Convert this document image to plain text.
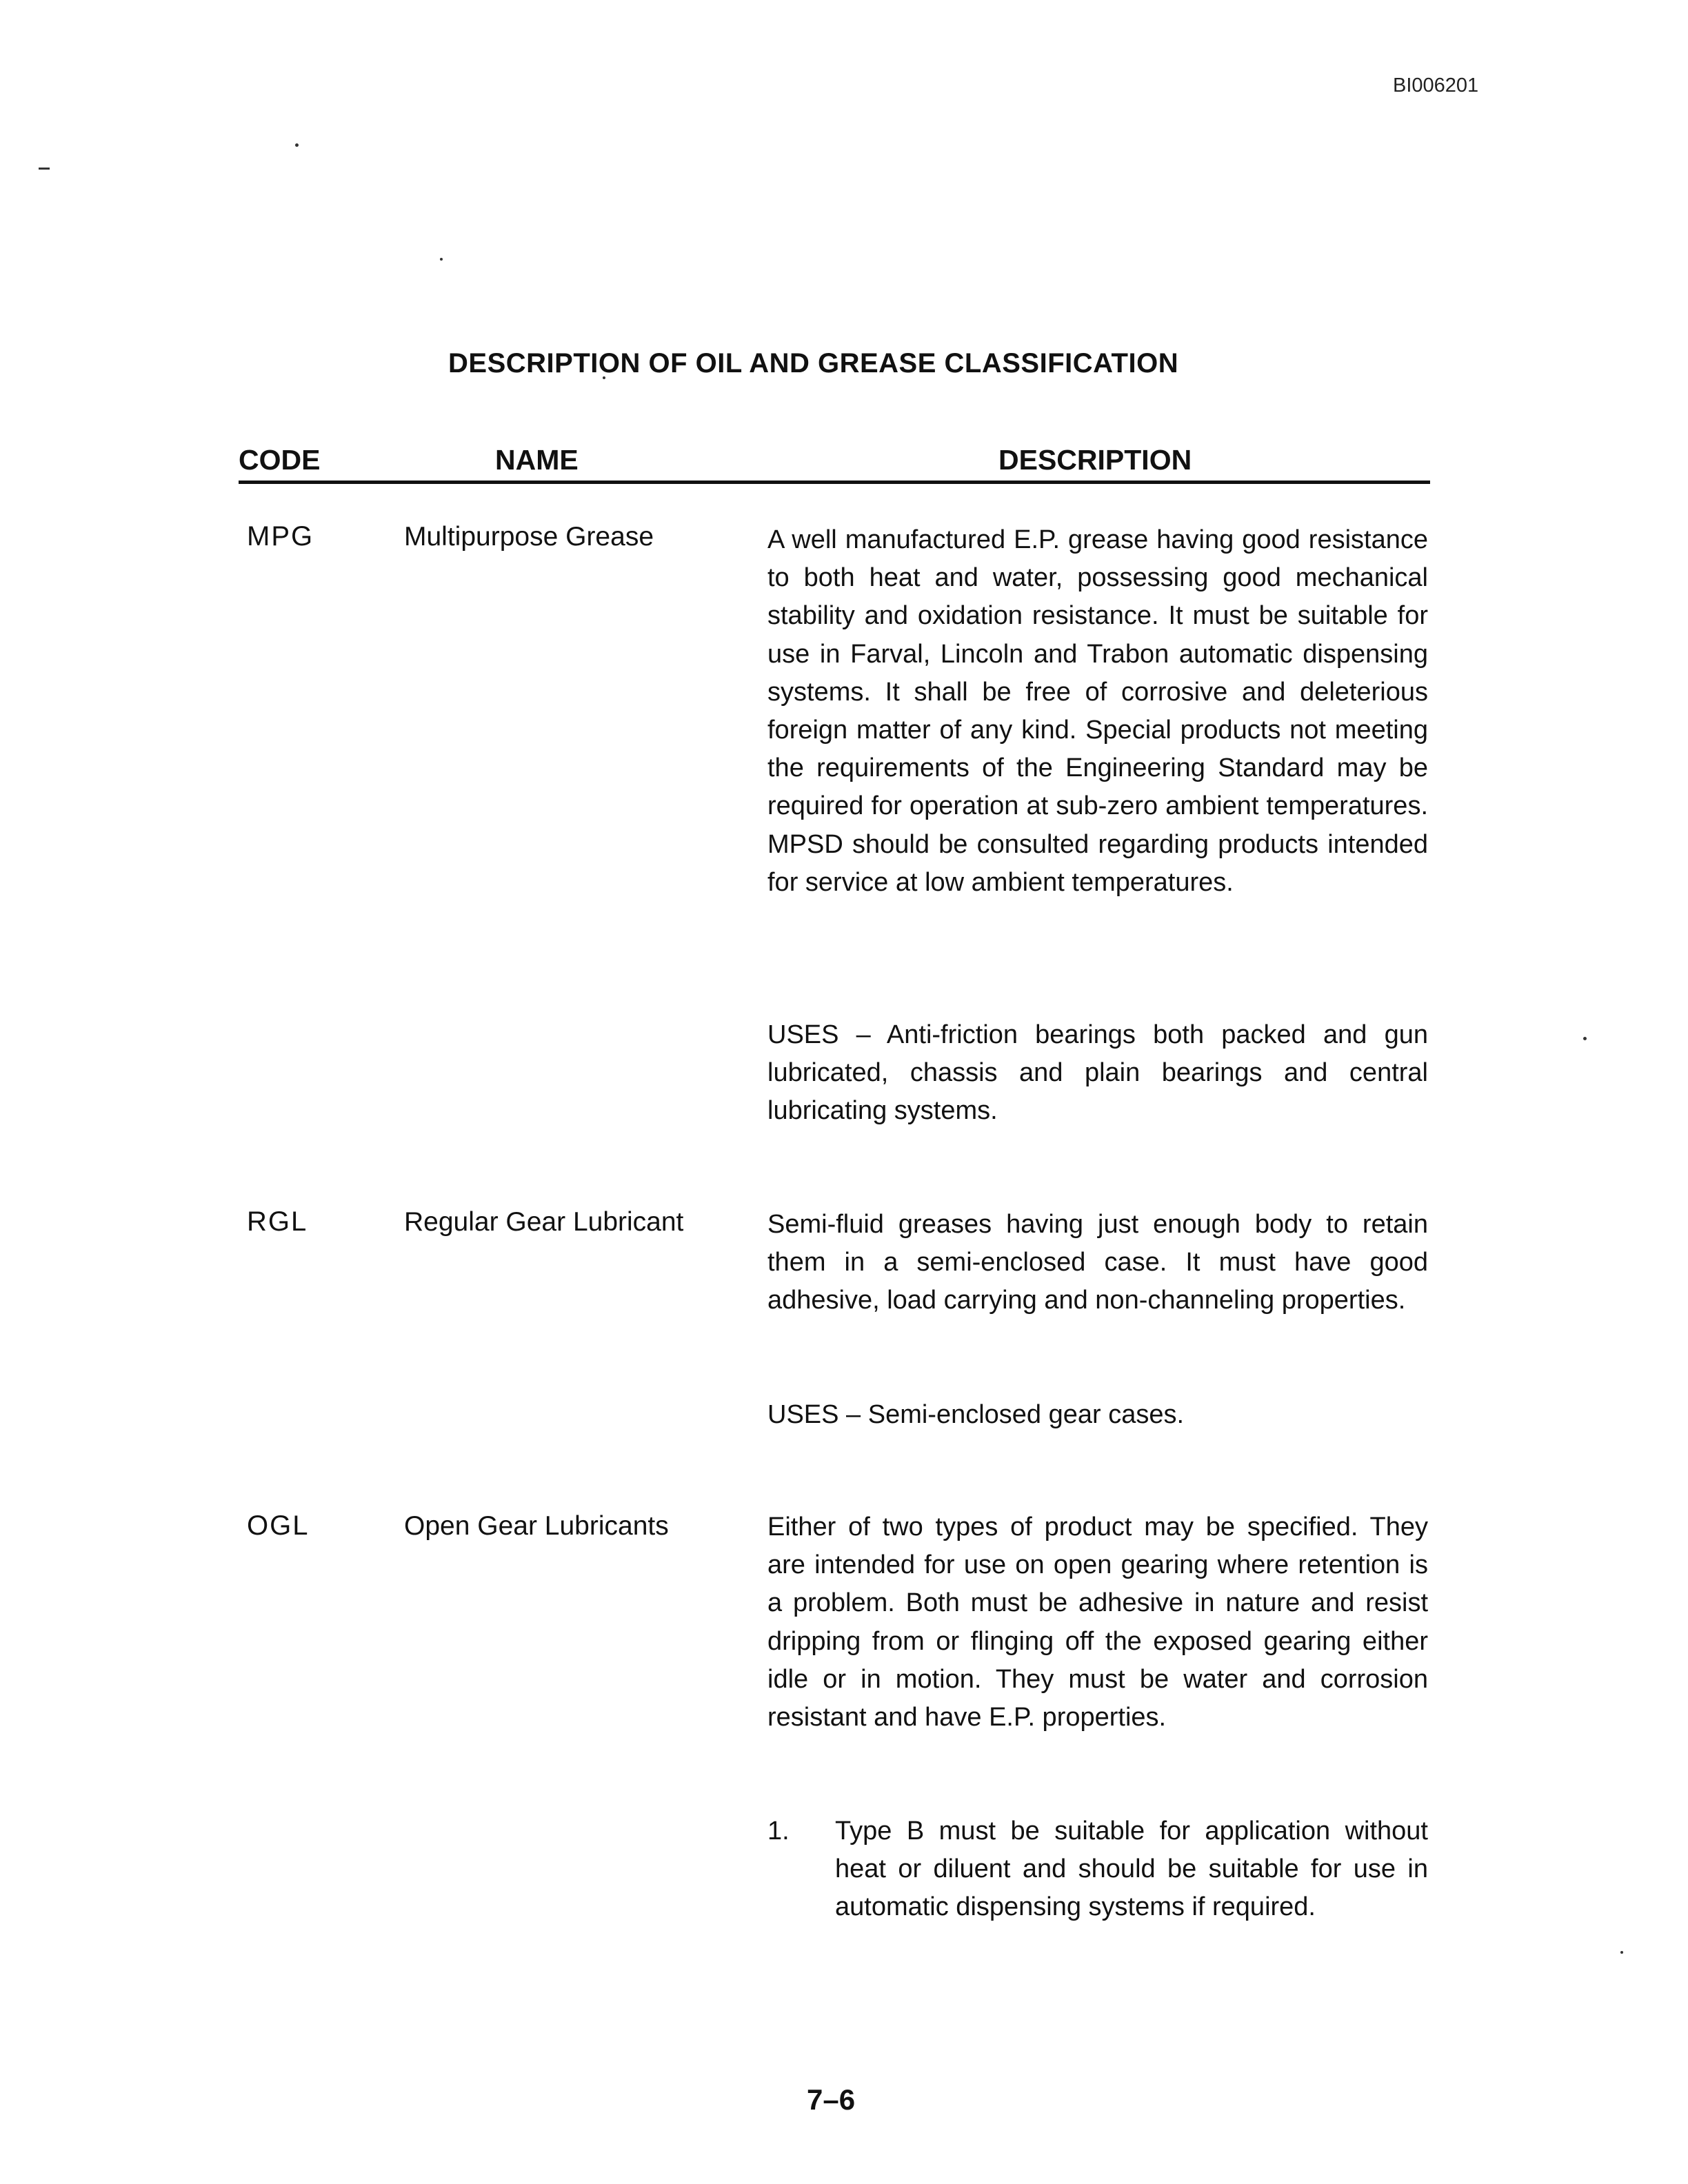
BI006201
DESCRIPTION OF OIL AND GREASE CLASSIFICATION
CODE	NAME	DESCRIPTION
MPG	Multipurpose Grease	A well manufactured E.P. grease having good resistance to both heat and water, possessing good mechanical stability and oxidation resistance. It must be suitable for use in Farval, Lincoln and Trabon automatic dispensing systems. It shall be free of corrosive and deleterious foreign matter of any kind. Special products not meeting the requirements of the Engineering Standard may be required for operation at sub-zero ambient temperatures. MPSD should be consulted regarding products intended for service at low ambient temperatures.

USES – Anti-friction bearings both packed and gun lubricated, chassis and plain bearings and central lubricating systems.

RGL	Regular Gear Lubricant	Semi-fluid greases having just enough body to retain them in a semi-enclosed case. It must have good adhesive, load carrying and non-channeling properties.

USES – Semi-enclosed gear cases.

OGL	Open Gear Lubricants	Either of two types of product may be specified. They are intended for use on open gearing where retention is a problem. Both must be adhesive in nature and resist dripping from or flinging off the exposed gearing either idle or in motion. They must be water and corrosion resistant and have E.P. properties.

1. Type B must be suitable for application without heat or diluent and should be suitable for use in automatic dispensing systems if required.

7–6
